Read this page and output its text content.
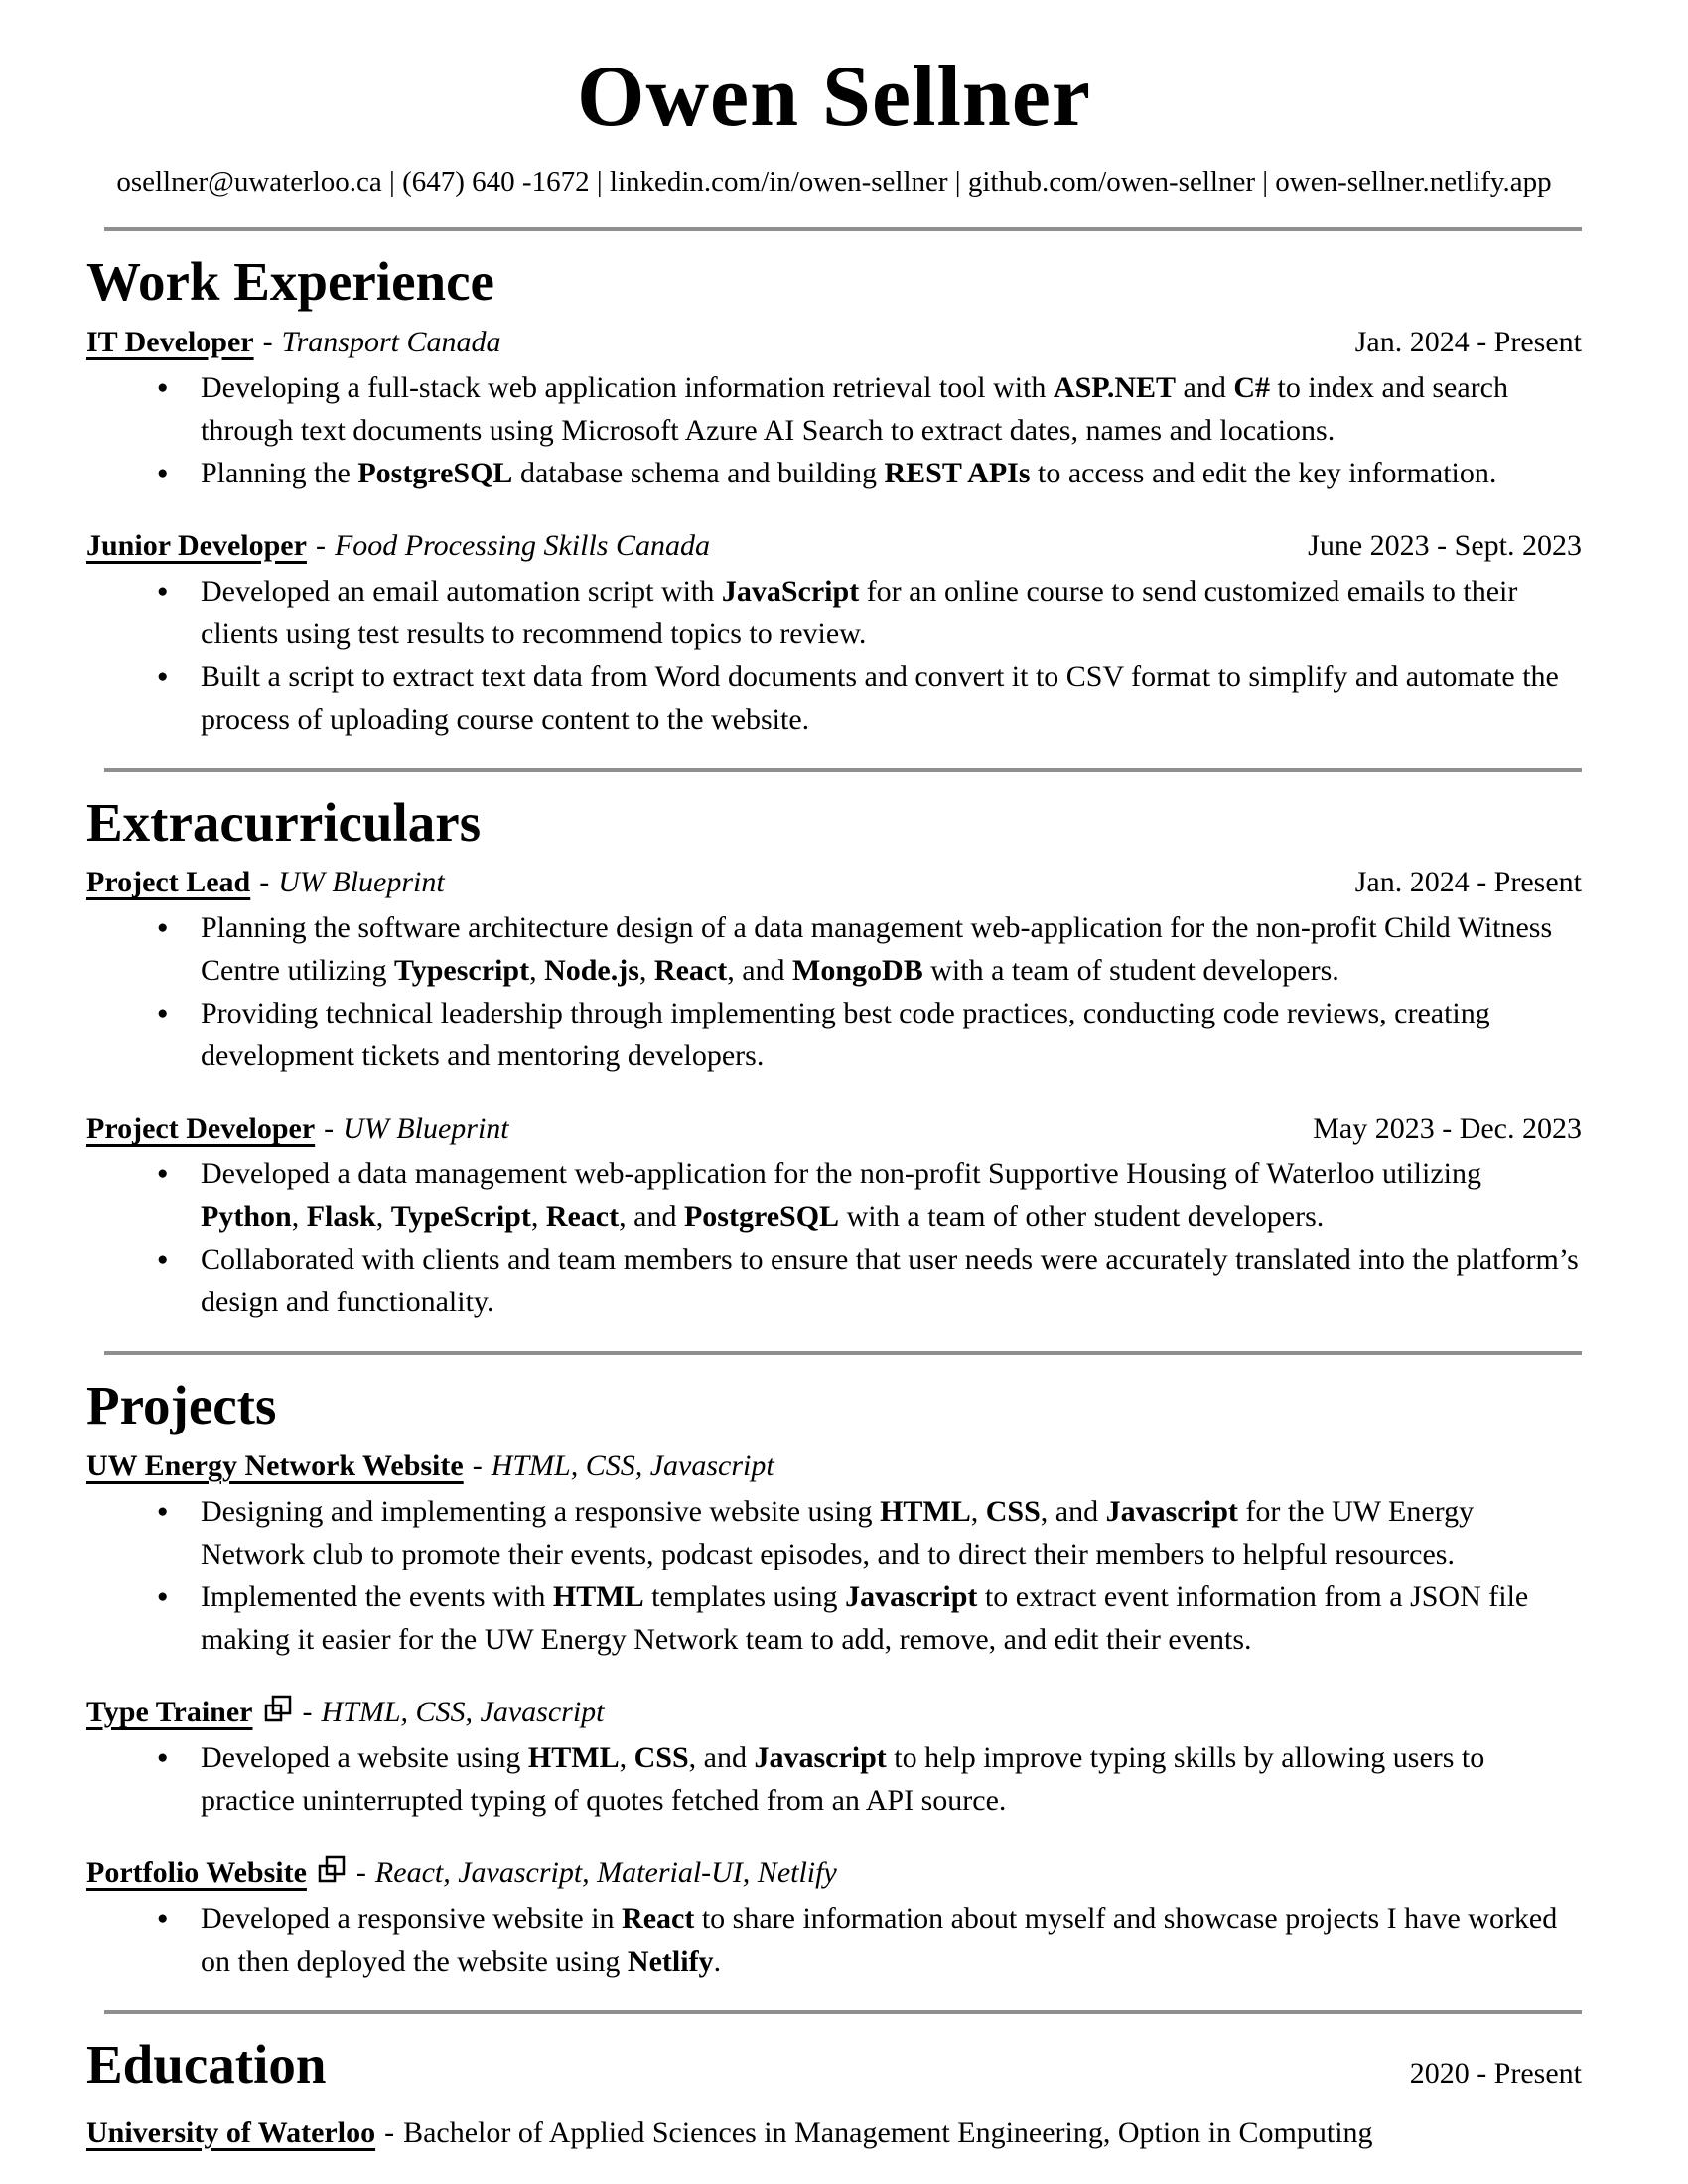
Owen Sellner
osellner@uwaterloo.ca | (647) 640 -1672 | linkedin.com/in/owen-sellner | github.com/owen-sellner | owen-sellner.netlify.app
Work Experience
IT Developer - Transport Canada	Jan. 2024 - Present
● Developing a full-stack web application information retrieval tool with ASP.NET and C# to index and search through text documents using Microsoft Azure AI Search to extract dates, names and locations.
● Planning the PostgreSQL database schema and building REST APIs to access and edit the key information.
Junior Developer - Food Processing Skills Canada	June 2023 - Sept. 2023
● Developed an email automation script with JavaScript for an online course to send customized emails to their clients using test results to recommend topics to review.
● Built a script to extract text data from Word documents and convert it to CSV format to simplify and automate the process of uploading course content to the website.
Extracurriculars
Project Lead - UW Blueprint	Jan. 2024 - Present
● Planning the software architecture design of a data management web-application for the non-profit Child Witness Centre utilizing Typescript, Node.js, React, and MongoDB with a team of student developers.
● Providing technical leadership through implementing best code practices, conducting code reviews, creating development tickets and mentoring developers.
Project Developer - UW Blueprint	May 2023 - Dec. 2023
● Developed a data management web-application for the non-profit Supportive Housing of Waterloo utilizing Python, Flask, TypeScript, React, and PostgreSQL with a team of other student developers.
● Collaborated with clients and team members to ensure that user needs were accurately translated into the platform’s design and functionality.
Projects
UW Energy Network Website - HTML, CSS, Javascript
● Designing and implementing a responsive website using HTML, CSS, and Javascript for the UW Energy Network club to promote their events, podcast episodes, and to direct their members to helpful resources.
● Implemented the events with HTML templates using Javascript to extract event information from a JSON file making it easier for the UW Energy Network team to add, remove, and edit their events.
Type Trainer - HTML, CSS, Javascript
● Developed a website using HTML, CSS, and Javascript to help improve typing skills by allowing users to practice uninterrupted typing of quotes fetched from an API source.
Portfolio Website - React, Javascript, Material-UI, Netlify
● Developed a responsive website in React to share information about myself and showcase projects I have worked on then deployed the website using Netlify.
Education	2020 - Present
University of Waterloo - Bachelor of Applied Sciences in Management Engineering, Option in Computing
